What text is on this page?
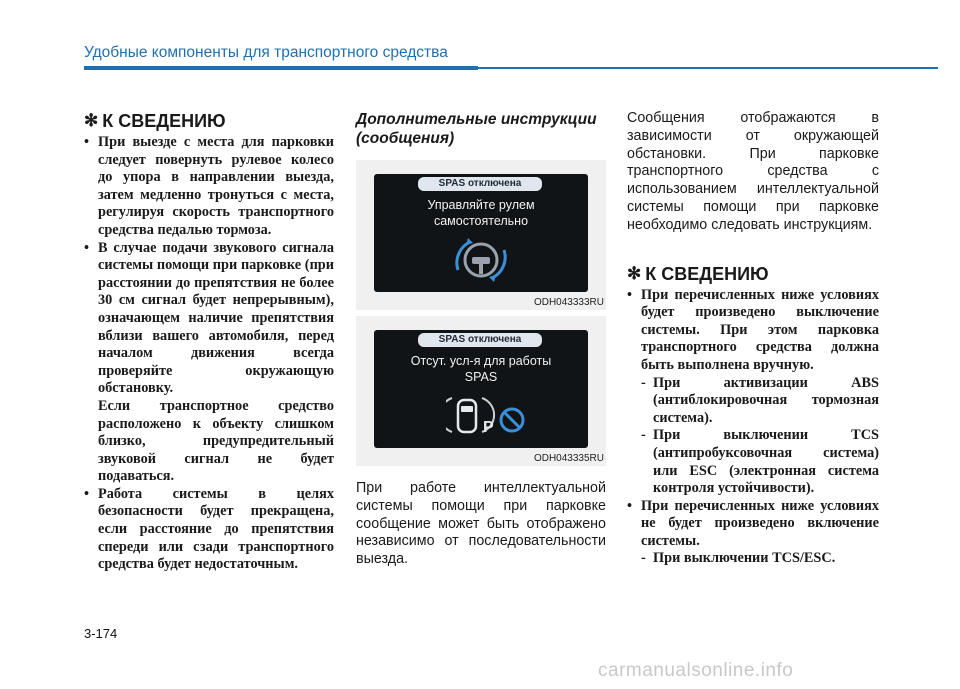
Удобные компоненты для транспортного средства
✻ К СВЕДЕНИЮ
• При выезде с места для парковки следует повернуть рулевое колесо до упора в направлении выезда, затем медленно тронуться с места, регулируя скорость транспортного средства педалью тормоза.
• В случае подачи звукового сигнала системы помощи при парковке (при расстоянии до препятствия не более 30 см сигнал будет непрерывным), означающем наличие препятствия вблизи вашего автомобиля, перед началом движения всегда проверяйте окружающую обстановку.
Если транспортное средство расположено к объекту слишком близко, предупредительный звуковой сигнал не будет подаваться.
• Работа системы в целях безопасности будет прекращена, если расстояние до препятствия спереди или сзади транспортного средства будет недостаточным.
Дополнительные инструкции (сообщения)
SPAS отключена
Управляйте рулем
самостоятельно
ODH043333RU
SPAS отключена
Отсут. усл-я для работы
SPAS
P
ODH043335RU

При работе интеллектуальной системы помощи при парковке сообщение может быть отображено независимо от последовательности выезда.

Сообщения отображаются в зависимости от окружающей обстановки. При парковке транспортного средства с использованием интеллектуальной системы помощи при парковке необходимо следовать инструкциям.

✻ К СВЕДЕНИЮ
• При перечисленных ниже условиях будет произведено выключение системы. При этом парковка транспортного средства должна быть выполнена вручную.
- При активизации ABS (антиблокировочная тормозная система).
- При выключении TCS (антипробуксовочная система) или ESC (электронная система контроля устойчивости).
• При перечисленных ниже условиях не будет произведено включение системы.
- При выключении TCS/ESC.
3-174
carmanualsonline.info
